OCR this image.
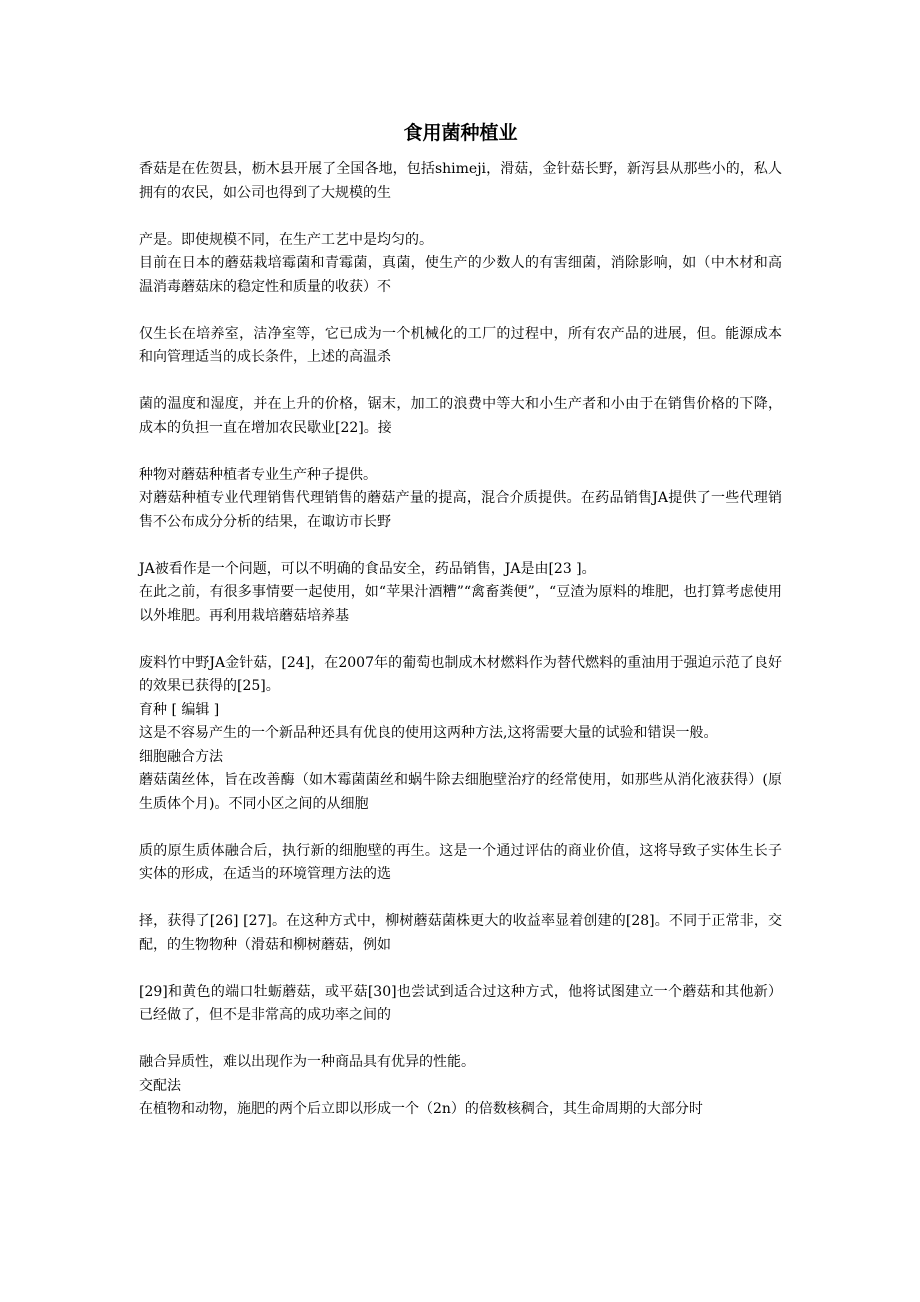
食用菌种植业

香菇是在佐贺县，枥木县开展了全国各地，包括shimeji，滑菇，金针菇长野，新泻县从那些小的，私人拥有的农民，如公司也得到了大规模的生

产是。即使规模不同，在生产工艺中是均匀的。

目前在日本的蘑菇栽培霉菌和青霉菌，真菌，使生产的少数人的有害细菌，消除影响，如（中木材和高温消毒蘑菇床的稳定性和质量的收获）不

仅生长在培养室，洁净室等，它已成为一个机械化的工厂的过程中，所有农产品的进展，但。能源成本和向管理适当的成长条件，上述的高温杀

菌的温度和湿度，并在上升的价格，锯末，加工的浪费中等大和小生产者和小由于在销售价格的下降，成本的负担一直在增加农民歇业[22]。接

种物对蘑菇种植者专业生产种子提供。

对蘑菇种植专业代理销售代理销售的蘑菇产量的提高，混合介质提供。在药品销售JA提供了一些代理销售不公布成分分析的结果，在诹访市长野

JA被看作是一个问题，可以不明确的食品安全，药品销售，JA是由[23 ]。

在此之前，有很多事情要一起使用，如“苹果汁酒糟”“禽畜粪便”，“豆渣为原料的堆肥，也打算考虑使用以外堆肥。再利用栽培蘑菇培养基

废料竹中野JA金针菇，[24]，在2007年的葡萄也制成木材燃料作为替代燃料的重油用于强迫示范了良好的效果已获得的[25]。

育种 [ 编辑 ]

这是不容易产生的一个新品种还具有优良的使用这两种方法,这将需要大量的试验和错误一般。

细胞融合方法

蘑菇菌丝体，旨在改善酶（如木霉菌菌丝和蜗牛除去细胞壁治疗的经常使用，如那些从消化液获得）(原生质体个月)。不同小区之间的从细胞

质的原生质体融合后，执行新的细胞壁的再生。这是一个通过评估的商业价值，这将导致子实体生长子实体的形成，在适当的环境管理方法的选

择，获得了[26] [27]。在这种方式中，柳树蘑菇菌株更大的收益率显着创建的[28]。不同于正常非，交配，的生物物种（滑菇和柳树蘑菇，例如

[29]和黄色的端口牡蛎蘑菇，或平菇[30]也尝试到适合过这种方式，他将试图建立一个蘑菇和其他新）已经做了，但不是非常高的成功率之间的

融合异质性，难以出现作为一种商品具有优异的性能。

交配法

在植物和动物，施肥的两个后立即以形成一个（2n）的倍数核稠合，其生命周期的大部分时
